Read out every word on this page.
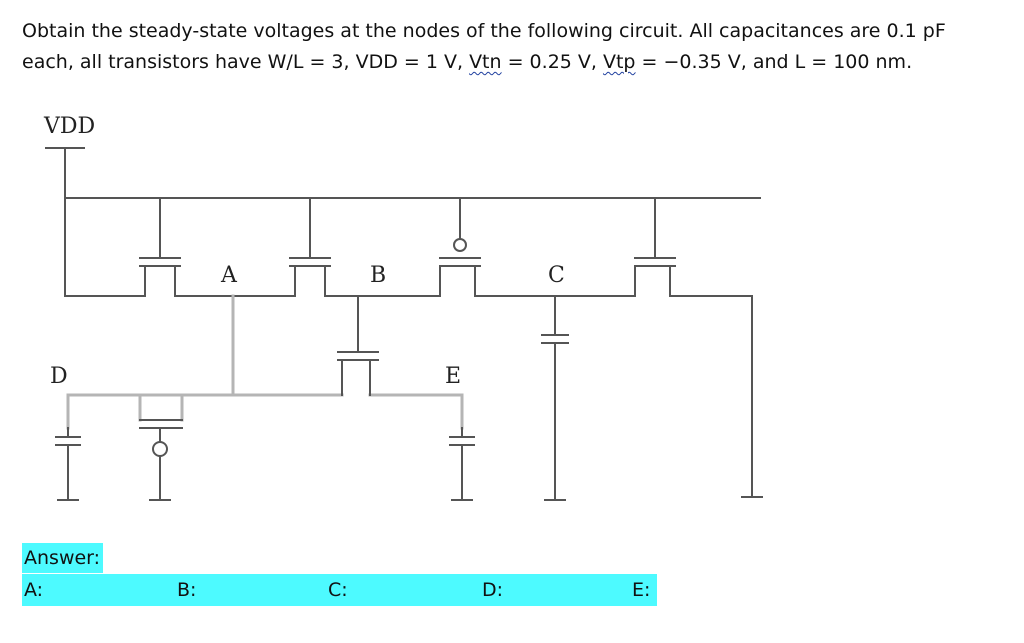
Obtain the steady-state voltages at the nodes of the following circuit. All capacitances are 0.1 pF
each, all transistors have W/L = 3, VDD = 1 V, Vtn = 0.25 V, Vtp = −0.35 V, and L = 100 nm.

VDD
A	B	C
D	E
Answer:
A:	B:	C:	D:	E:
